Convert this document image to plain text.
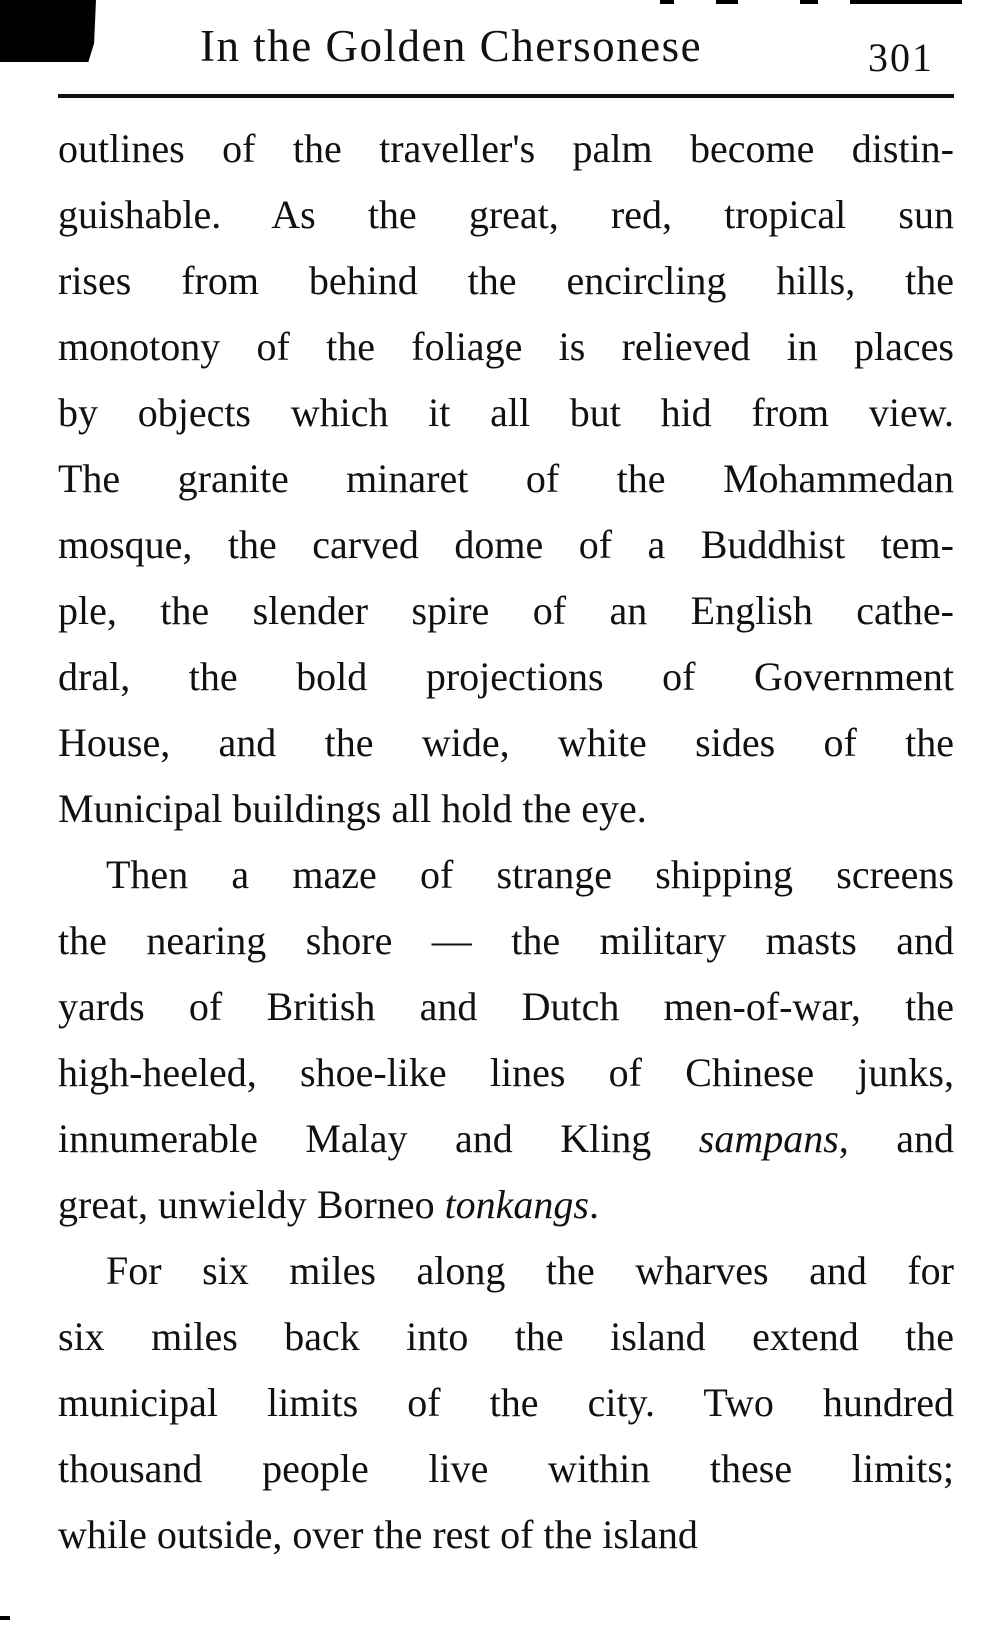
In the Golden Chersonese	301
outlines of the traveller's palm become distin-
guishable. As the great, red, tropical sun
rises from behind the encircling hills, the
monotony of the foliage is relieved in places
by objects which it all but hid from view.
The granite minaret of the Mohammedan
mosque, the carved dome of a Buddhist tem-
ple, the slender spire of an English cathe-
dral, the bold projections of Government
House, and the wide, white sides of the
Municipal buildings all hold the eye.
Then a maze of strange shipping screens
the nearing shore — the military masts and
yards of British and Dutch men-of-war, the
high-heeled, shoe-like lines of Chinese junks,
innumerable Malay and Kling sampans, and
great, unwieldy Borneo tonkangs.
For six miles along the wharves and for
six miles back into the island extend the
municipal limits of the city. Two hundred
thousand people live within these limits;
while outside, over the rest of the island
